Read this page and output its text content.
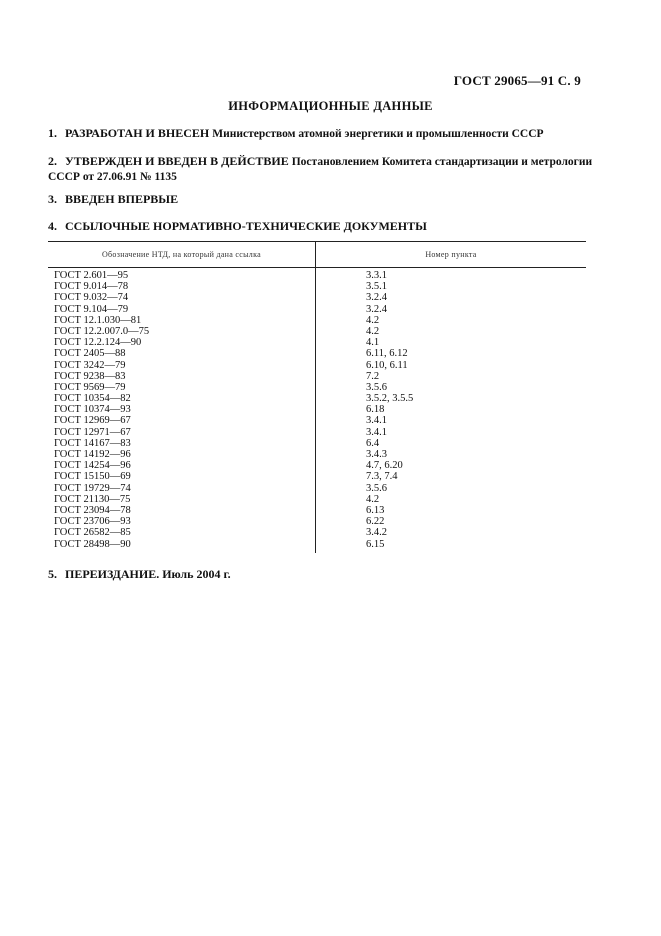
ГОСТ 29065—91 С. 9
ИНФОРМАЦИОННЫЕ ДАННЫЕ
1. РАЗРАБОТАН И ВНЕСЕН Министерством атомной энергетики и промышленности СССР
2. УТВЕРЖДЕН И ВВЕДЕН В ДЕЙСТВИЕ Постановлением Комитета стандартизации и метрологии
СССР от 27.06.91 № 1135
3. ВВЕДЕН ВПЕРВЫЕ
4. ССЫЛОЧНЫЕ НОРМАТИВНО-ТЕХНИЧЕСКИЕ ДОКУМЕНТЫ
Обозначение НТД, на который дана ссылка	Номер пункта
ГОСТ 2.601—95	3.3.1
ГОСТ 9.014—78	3.5.1
ГОСТ 9.032—74	3.2.4
ГОСТ 9.104—79	3.2.4
ГОСТ 12.1.030—81	4.2
ГОСТ 12.2.007.0—75	4.2
ГОСТ 12.2.124—90	4.1
ГОСТ 2405—88	6.11, 6.12
ГОСТ 3242—79	6.10, 6.11
ГОСТ 9238—83	7.2
ГОСТ 9569—79	3.5.6
ГОСТ 10354—82	3.5.2, 3.5.5
ГОСТ 10374—93	6.18
ГОСТ 12969—67	3.4.1
ГОСТ 12971—67	3.4.1
ГОСТ 14167—83	6.4
ГОСТ 14192—96	3.4.3
ГОСТ 14254—96	4.7, 6.20
ГОСТ 15150—69	7.3, 7.4
ГОСТ 19729—74	3.5.6
ГОСТ 21130—75	4.2
ГОСТ 23094—78	6.13
ГОСТ 23706—93	6.22
ГОСТ 26582—85	3.4.2
ГОСТ 28498—90	6.15
5. ПЕРЕИЗДАНИЕ. Июль 2004 г.
